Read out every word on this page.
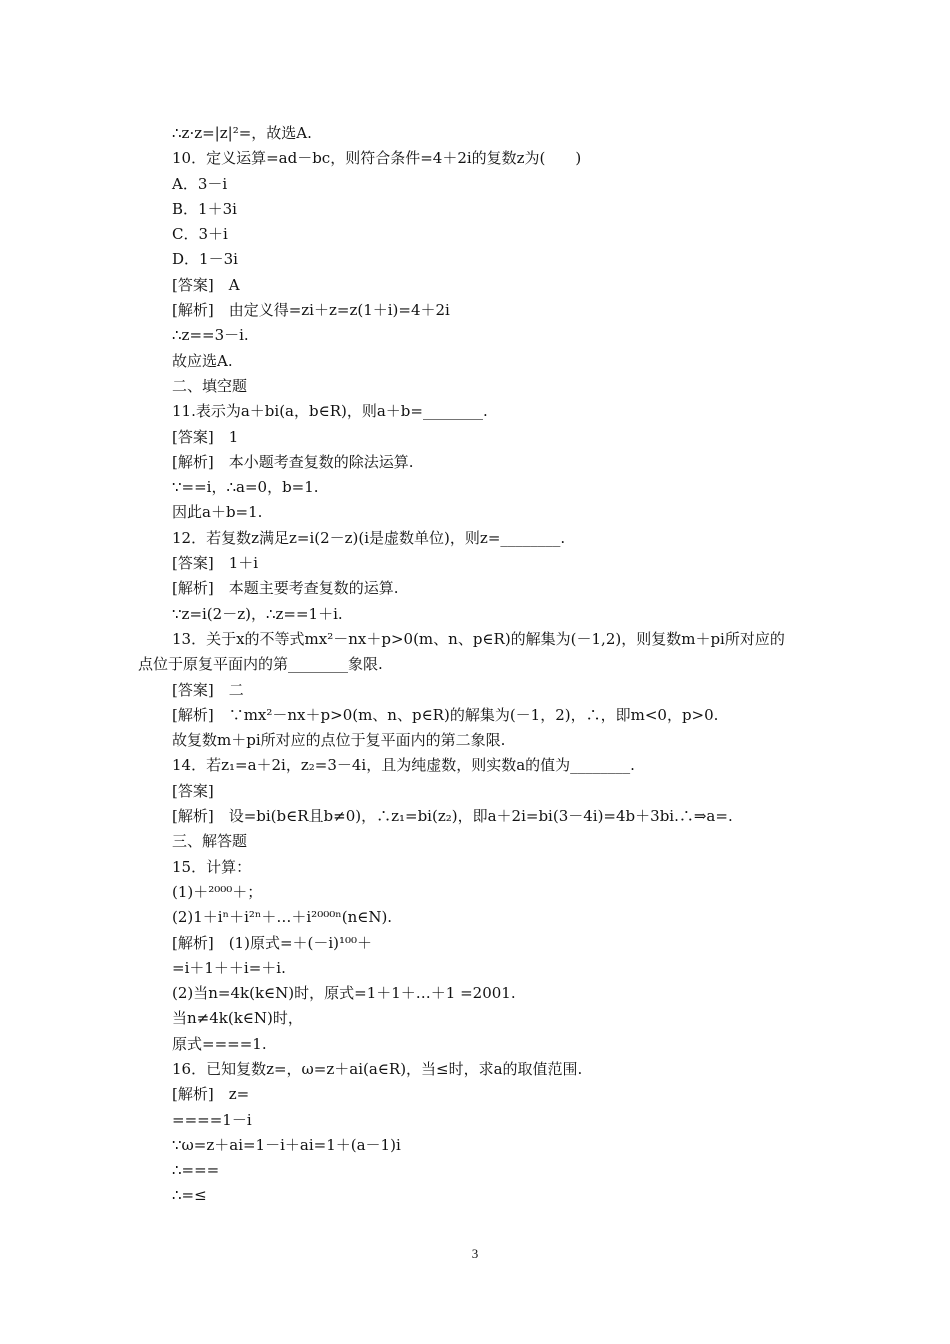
∴z·z=|z|²=，故选A.
10．定义运算=ad－bc，则符合条件=4＋2i的复数z为(　　)
A．3－i
B．1＋3i
C．3＋i
D．1－3i
[答案]　A
[解析]　由定义得=zi＋z=z(1＋i)=4＋2i
∴z==3－i.
故应选A.
二、填空题
11.表示为a＋bi(a，b∈R)，则a＋b=________.
[答案]　1
[解析]　本小题考查复数的除法运算.
∵==i，∴a=0，b=1.
因此a＋b=1.
12．若复数z满足z=i(2－z)(i是虚数单位)，则z=________.
[答案]　1＋i
[解析]　本题主要考查复数的运算.
∵z=i(2－z)，∴z==1＋i.
13．关于x的不等式mx²－nx＋p>0(m、n、p∈R)的解集为(－1,2)，则复数m＋pi所对应的
点位于原复平面内的第________象限.
[答案]　二
[解析]　∵mx²－nx＋p>0(m、n、p∈R)的解集为(－1，2)，∴，即m<0，p>0.
故复数m＋pi所对应的点位于复平面内的第二象限.
14．若z₁=a＋2i，z₂=3－4i，且为纯虚数，则实数a的值为________.
[答案]
[解析]　设=bi(b∈R且b≠0)，∴z₁=bi(z₂)，即a＋2i=bi(3－4i)=4b＋3bi.∴⇒a=.
三、解答题
15．计算：
(1)＋²⁰⁰⁰＋；
(2)1＋iⁿ＋i²ⁿ＋…＋i²⁰⁰⁰ⁿ(n∈N).
[解析]　(1)原式=＋(－i)¹⁰⁰＋
=i＋1＋＋i=＋i.
(2)当n=4k(k∈N)时，原式=1＋1＋…＋1 =2001.
当n≠4k(k∈N)时，
原式====1.
16．已知复数z=，ω=z＋ai(a∈R)，当≤时，求a的取值范围.
[解析]　z=
====1－i
∵ω=z＋ai=1－i＋ai=1＋(a－1)i
∴===
∴=≤
3
